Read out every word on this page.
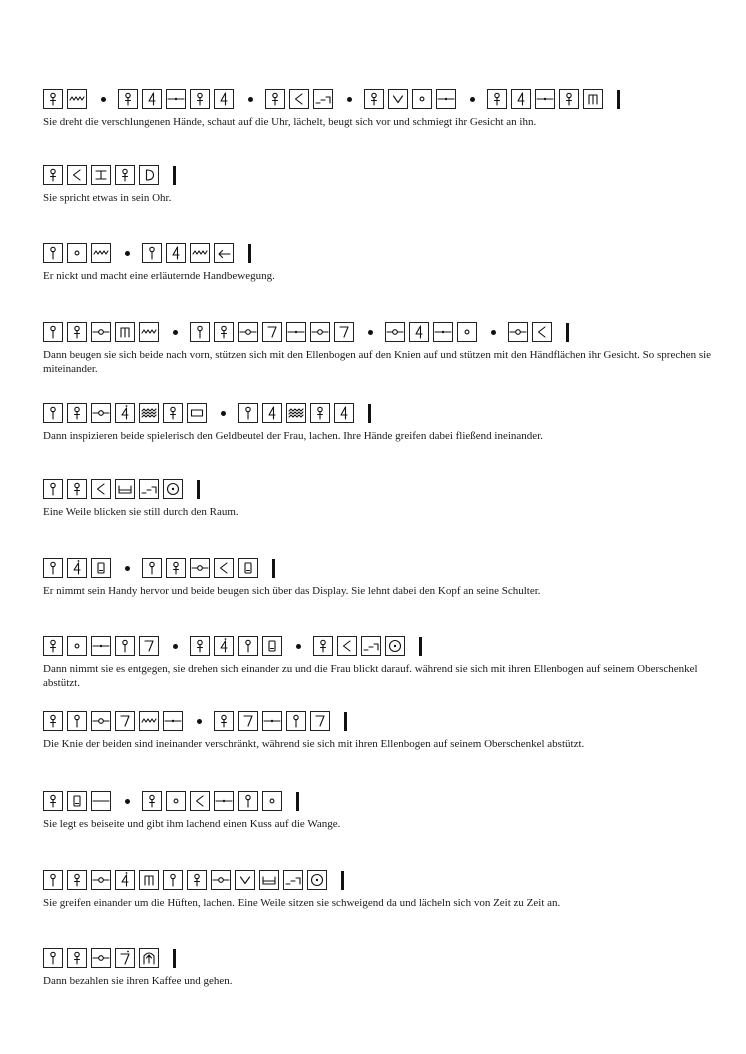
Sie dreht die verschlungenen Hände, schaut auf die Uhr, lächelt, beugt sich vor und schmiegt ihr Gesicht an ihn.
Sie spricht etwas in sein Ohr.
Er nickt und macht eine erläuternde Handbewegung.
Dann beugen sie sich beide nach vorn, stützen sich mit den Ellenbogen auf den Knien auf und stützen mit den Händflächen ihr Gesicht. So sprechen sie miteinander.
Dann inspizieren beide spielerisch den Geldbeutel der Frau, lachen. Ihre Hände greifen dabei fließend ineinander.
Eine Weile blicken sie still durch den Raum.
Er nimmt sein Handy hervor und beide beugen sich über das Display. Sie lehnt dabei den Kopf an seine Schulter.
Dann nimmt sie es entgegen, sie drehen sich einander zu und die Frau blickt darauf. während sie sich mit ihren Ellenbogen auf seinem Oberschenkel abstützt.
Die Knie der beiden sind ineinander verschränkt, während sie sich mit ihren Ellenbogen auf seinem Oberschenkel abstützt.
Sie legt es beiseite und gibt ihm lachend einen Kuss auf die Wange.
Sie greifen einander um die Hüften, lachen. Eine Weile sitzen sie schweigend da und lächeln sich von Zeit zu Zeit an.
Dann bezahlen sie ihren Kaffee und gehen.
